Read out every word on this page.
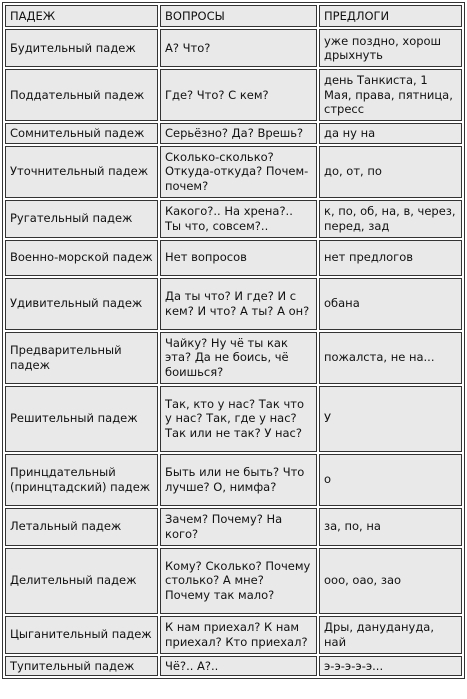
ПАДЕЖ	ВОПРОСЫ	ПРЕДЛОГИ
Будительный падеж	А? Что?	уже поздно, хорош дрыхнуть
Поддательный падеж	Где? Что? С кем?	день Танкиста, 1 Мая, права, пятница, стресс
Сомнительный падеж	Серьёзно? Да? Врешь?	да ну на
Уточнительный падеж	Сколько-сколько? Откуда-откуда? Почем-почем?	до, от, по
Ругательный падеж	Какого?.. На хрена?.. Ты что, совсем?..	к, по, об, на, в, через, перед, зад
Военно-морской падеж	Нет вопросов	нет предлогов
Удивительный падеж	Да ты что? И где? И с кем? И что? А ты? А он?	обана
Предварительный падеж	Чайку? Ну чё ты как эта? Да не боись, чё боишься?	пожалста, не на...
Решительный падеж	Так, кто у нас? Так что у нас? Так, где у нас? Так или не так? У нас?	У
Принцдательный (принцтадский) падеж	Быть или не быть? Что лучше? О, нимфа?	о
Летальный падеж	Зачем? Почему? На кого?	за, по, на
Делительный падеж	Кому? Сколько? Почему столько? А мне? Почему так мало?	ооо, оао, зао
Цыганительный падеж	К нам приехал? К нам приехал? Кто приехал?	Дры, данудануда, най
Тупительный падеж	Чё?.. А?..	э-э-э-э-э...
